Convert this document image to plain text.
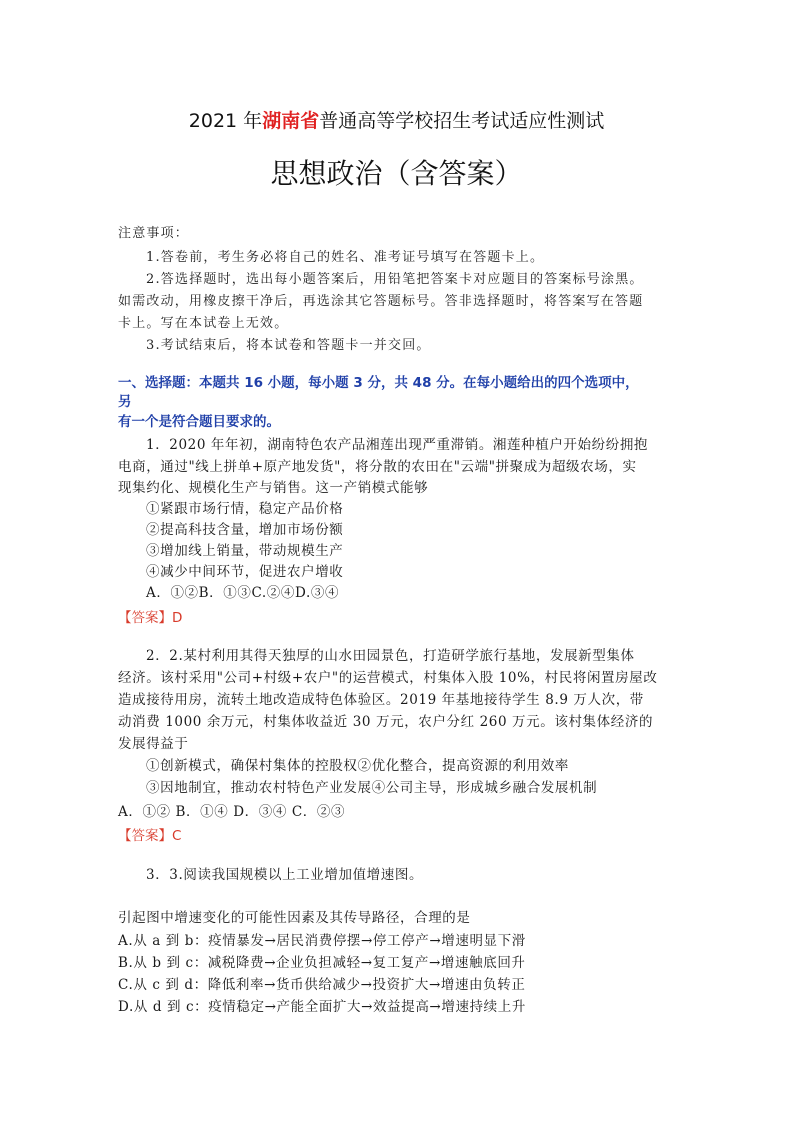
2021 年湖南省普通高等学校招生考试适应性测试
思想政治（含答案）
注意事项：
1.答卷前，考生务必将自己的姓名、准考证号填写在答题卡上。
2.答选择题时，选出每小题答案后，用铅笔把答案卡对应题目的答案标号涂黑。
如需改动，用橡皮擦干净后，再选涂其它答题标号。答非选择题时，将答案写在答题
卡上。写在本试卷上无效。
3.考试结束后，将本试卷和答题卡一并交回。
一、选择题：本题共 16 小题，每小题 3 分，共 48 分。在每小题给出的四个选项中，
另
有一个是符合题目要求的。
1．2020 年年初，湖南特色农产品湘莲出现严重滞销。湘莲种植户开始纷纷拥抱
电商，通过"线上拼单+原产地发货"，将分散的农田在"云端"拼聚成为超级农场，实
现集约化、规模化生产与销售。这一产销模式能够
①紧跟市场行情，稳定产品价格
②提高科技含量，增加市场份额
③增加线上销量，带动规模生产
④减少中间环节，促进农户增收
A．①②B．①③C.②④D.③④
【答案】D
2．2.某村利用其得天独厚的山水田园景色，打造研学旅行基地，发展新型集体
经济。该村采用"公司+村级+农户"的运营模式，村集体入股 10%，村民将闲置房屋改
造成接待用房，流转土地改造成特色体验区。2019 年基地接待学生 8.9 万人次，带
动消费 1000 余万元，村集体收益近 30 万元，农户分红 260 万元。该村集体经济的
发展得益于
①创新模式，确保村集体的控股权②优化整合，提高资源的利用效率
③因地制宜，推动农村特色产业发展④公司主导，形成城乡融合发展机制
A．①② B．①④ D．③④ C．②③
【答案】C
3．3.阅读我国规模以上工业增加值增速图。
引起图中增速变化的可能性因素及其传导路径，合理的是
A.从 a 到 b：疫情暴发→居民消费停摆→停工停产→增速明显下滑
B.从 b 到 c：减税降费→企业负担减轻→复工复产→增速触底回升
C.从 c 到 d：降低利率→货币供给减少→投资扩大→增速由负转正
D.从 d 到 c：疫情稳定→产能全面扩大→效益提高→增速持续上升
